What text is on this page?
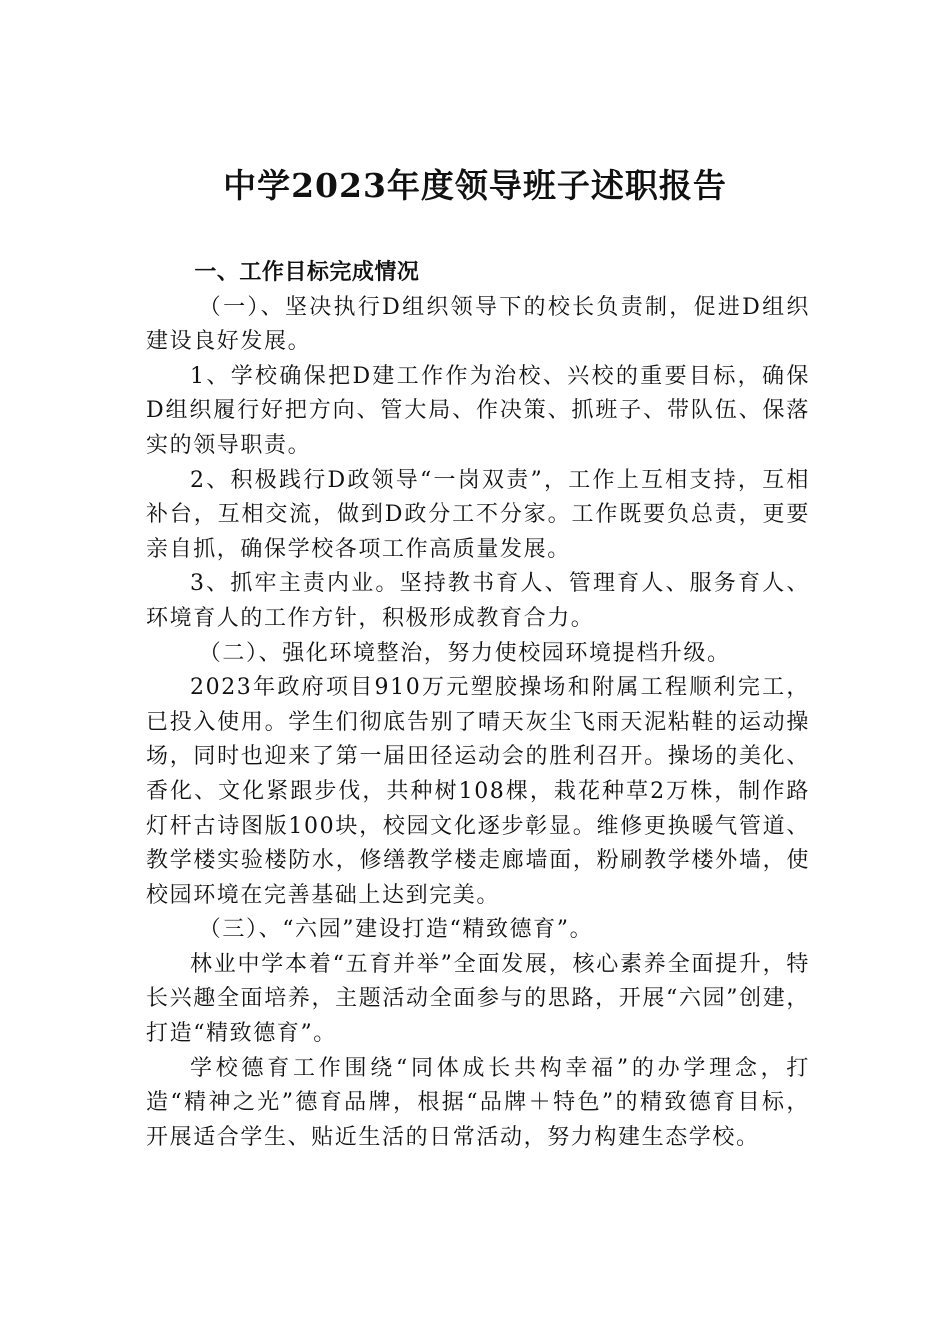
中学2023年度领导班子述职报告

一、工作目标完成情况

（一）、坚决执行D组织领导下的校长负责制，促进D组织建设良好发展。

1、学校确保把D建工作作为治校、兴校的重要目标，确保D组织履行好把方向、管大局、作决策、抓班子、带队伍、保落实的领导职责。

2、积极践行D政领导“一岗双责”，工作上互相支持，互相补台，互相交流，做到D政分工不分家。工作既要负总责，更要亲自抓，确保学校各项工作高质量发展。

3、抓牢主责内业。坚持教书育人、管理育人、服务育人、环境育人的工作方针，积极形成教育合力。

（二）、强化环境整治，努力使校园环境提档升级。

2023年政府项目910万元塑胶操场和附属工程顺利完工，已投入使用。学生们彻底告别了晴天灰尘飞雨天泥粘鞋的运动操场，同时也迎来了第一届田径运动会的胜利召开。操场的美化、香化、文化紧跟步伐，共种树108棵，栽花种草2万株，制作路灯杆古诗图版100块，校园文化逐步彰显。维修更换暖气管道、教学楼实验楼防水，修缮教学楼走廊墙面，粉刷教学楼外墙，使校园环境在完善基础上达到完美。

（三）、“六园”建设打造“精致德育”。

林业中学本着“五育并举”全面发展，核心素养全面提升，特长兴趣全面培养，主题活动全面参与的思路，开展“六园”创建，打造“精致德育”。

学校德育工作围绕“同体成长共构幸福”的办学理念，打造“精神之光”德育品牌，根据“品牌＋特色”的精致德育目标，开展适合学生、贴近生活的日常活动，努力构建生态学校。
